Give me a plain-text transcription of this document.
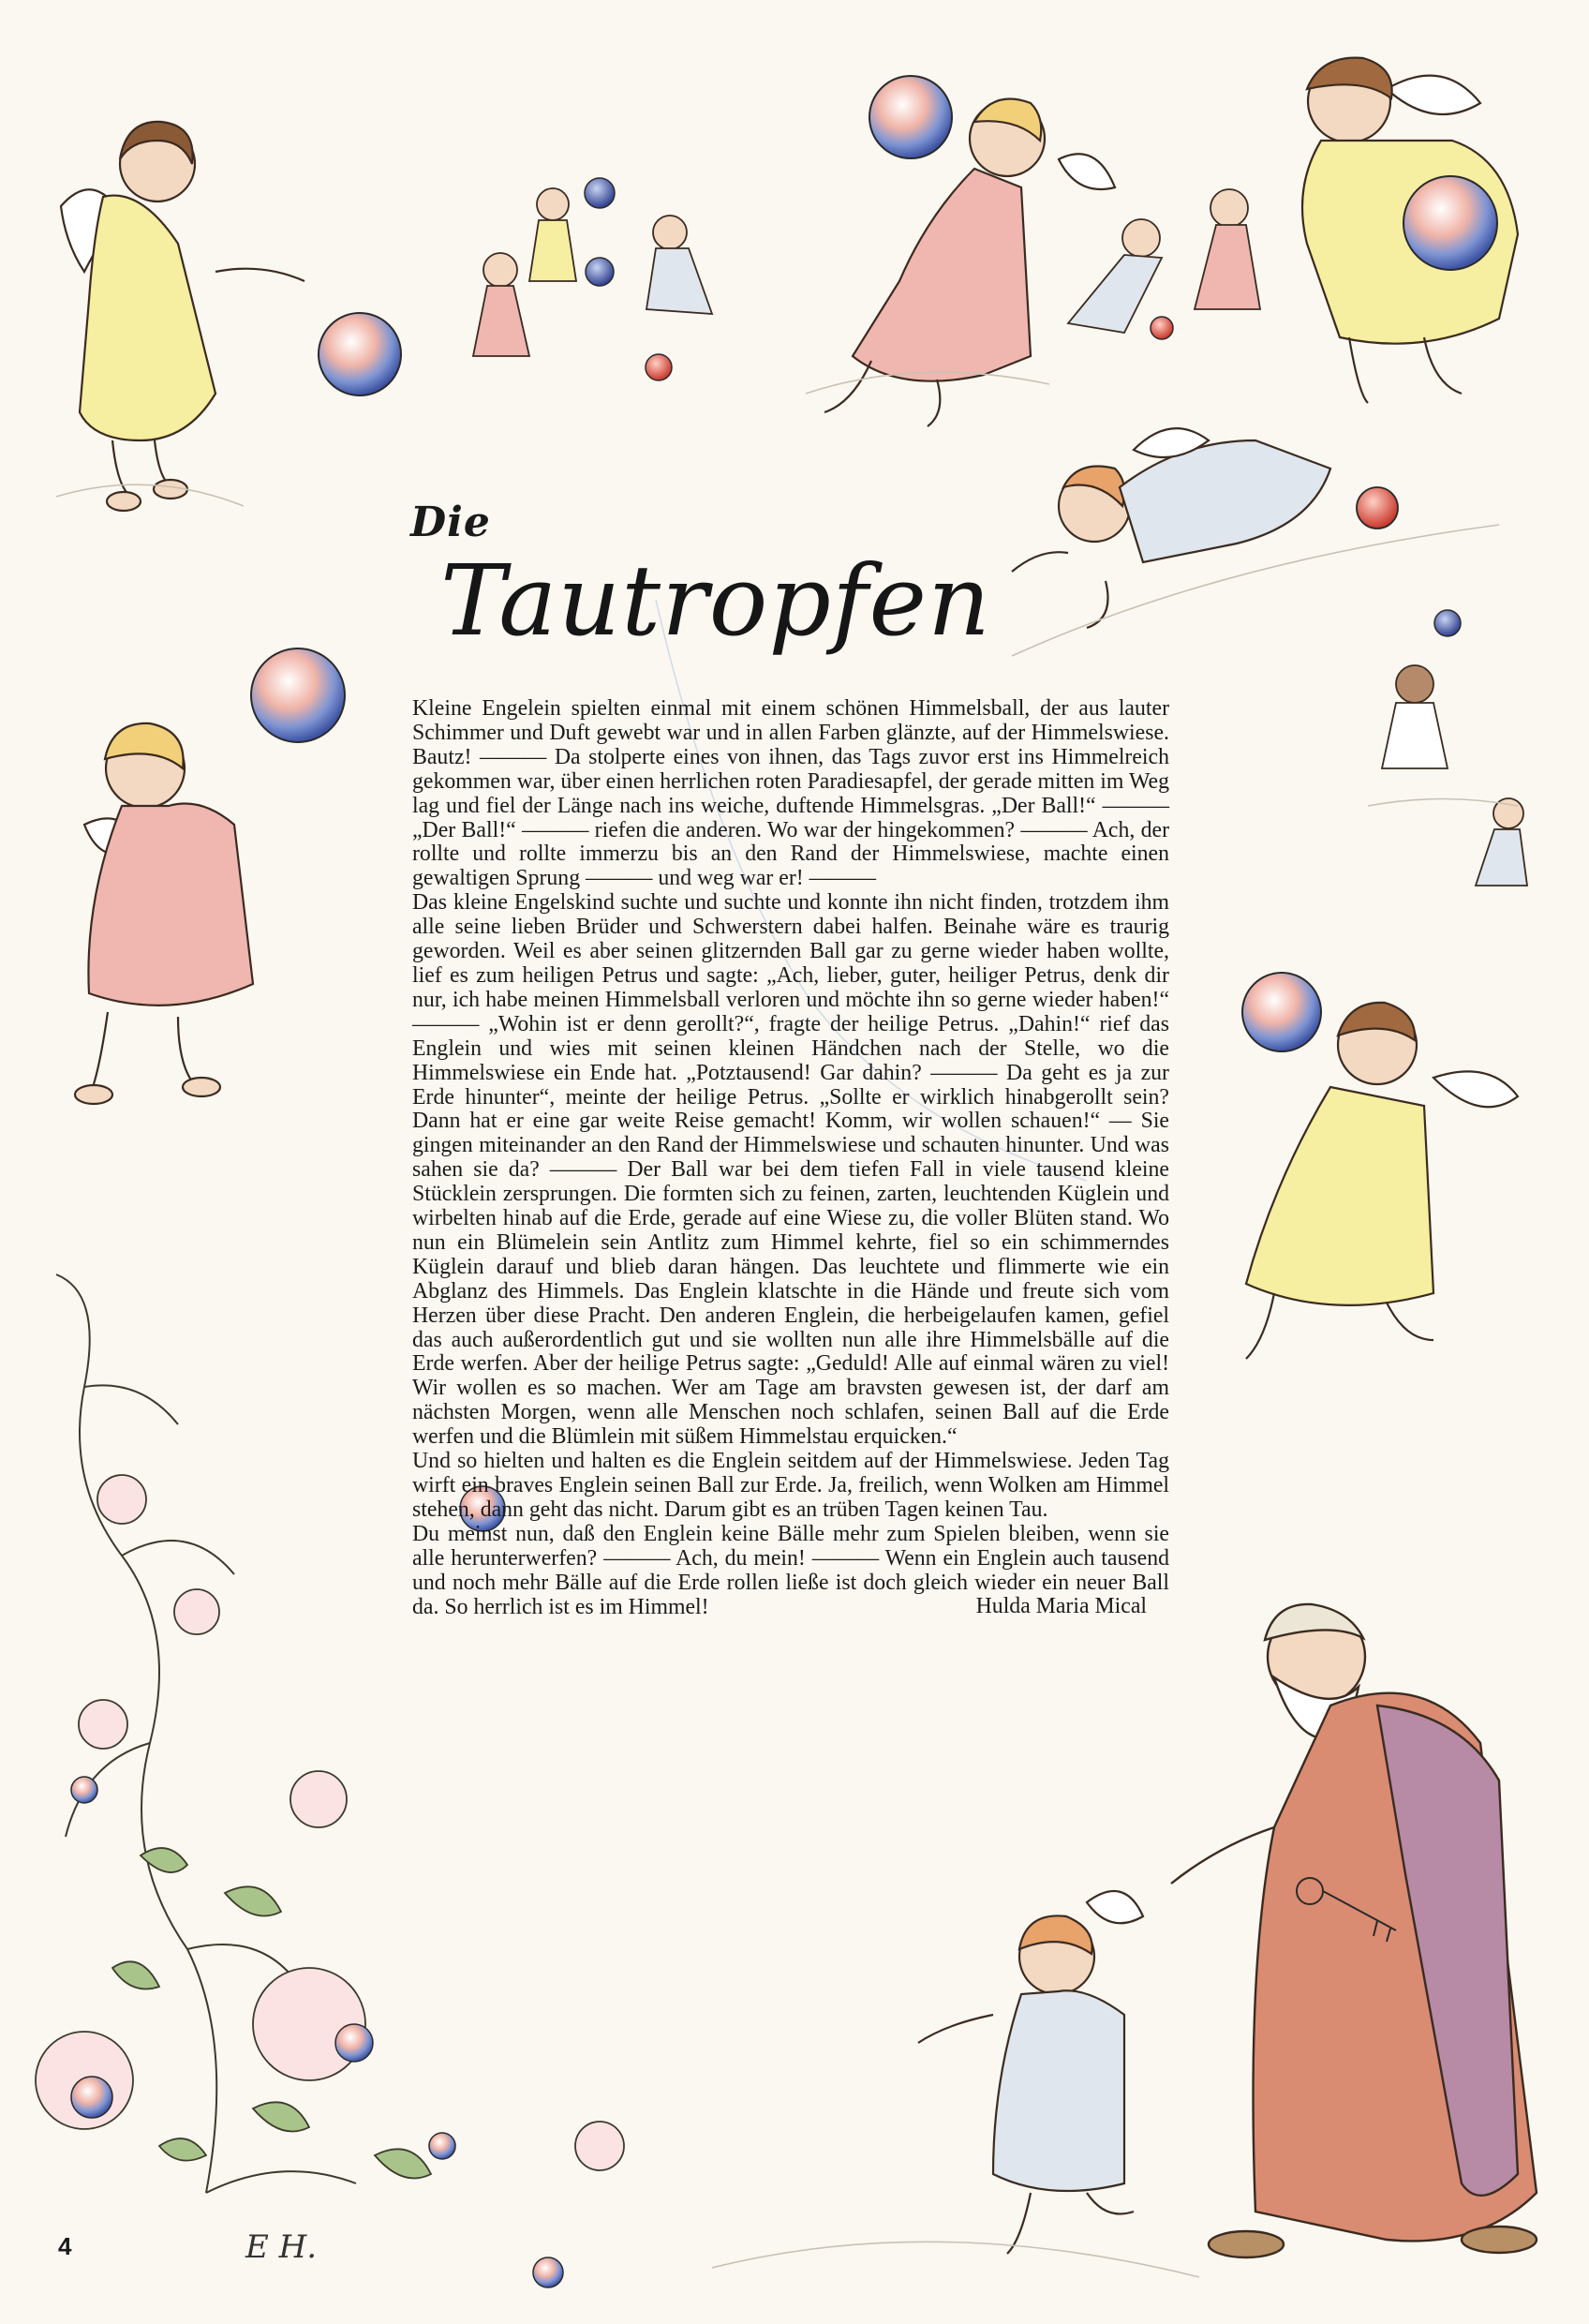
Die
Tautropfen

Kleine Engelein spielten einmal mit einem schönen Himmelsball, der aus lauter Schimmer und Duft gewebt war und in allen Farben glänzte, auf der Himmelswiese. Bautz! ——— Da stolperte eines von ihnen, das Tags zuvor erst ins Himmelreich gekommen war, über einen herrlichen roten Paradiesapfel, der gerade mitten im Weg lag und fiel der Länge nach ins weiche, duftende Himmelsgras. „Der Ball!“ ——— „Der Ball!“ ——— riefen die anderen. Wo war der hingekommen? ——— Ach, der rollte und rollte immerzu bis an den Rand der Himmelswiese, machte einen gewaltigen Sprung ——— und weg war er! ———

Das kleine Engelskind suchte und suchte und konnte ihn nicht finden, trotzdem ihm alle seine lieben Brüder und Schwerstern dabei halfen. Beinahe wäre es traurig geworden. Weil es aber seinen glitzernden Ball gar zu gerne wieder haben wollte, lief es zum heiligen Petrus und sagte: „Ach, lieber, guter, heiliger Petrus, denk dir nur, ich habe meinen Himmelsball verloren und möchte ihn so gerne wieder haben!“ ——— „Wohin ist er denn gerollt?“, fragte der heilige Petrus. „Dahin!“ rief das Englein und wies mit seinen kleinen Händchen nach der Stelle, wo die Himmelswiese ein Ende hat. „Potztausend! Gar dahin? ——— Da geht es ja zur Erde hinunter“, meinte der heilige Petrus. „Sollte er wirklich hinabgerollt sein? Dann hat er eine gar weite Reise gemacht! Komm, wir wollen schauen!“ — Sie gingen miteinander an den Rand der Himmelswiese und schauten hinunter. Und was sahen sie da? ——— Der Ball war bei dem tiefen Fall in viele tausend kleine Stücklein zersprungen. Die formten sich zu feinen, zarten, leuchtenden Küglein und wirbelten hinab auf die Erde, gerade auf eine Wiese zu, die voller Blüten stand. Wo nun ein Blümelein sein Antlitz zum Himmel kehrte, fiel so ein schimmerndes Küglein darauf und blieb daran hängen. Das leuchtete und flimmerte wie ein Abglanz des Himmels. Das Englein klatschte in die Hände und freute sich vom Herzen über diese Pracht. Den anderen Englein, die herbeigelaufen kamen, gefiel das auch außerordentlich gut und sie wollten nun alle ihre Himmelsbälle auf die Erde werfen. Aber der heilige Petrus sagte: „Geduld! Alle auf einmal wären zu viel! Wir wollen es so machen. Wer am Tage am bravsten gewesen ist, der darf am nächsten Morgen, wenn alle Menschen noch schlafen, seinen Ball auf die Erde werfen und die Blümlein mit süßem Himmelstau erquicken.“

Und so hielten und halten es die Englein seitdem auf der Himmelswiese. Jeden Tag wirft ein braves Englein seinen Ball zur Erde. Ja, freilich, wenn Wolken am Himmel stehen, dann geht das nicht. Darum gibt es an trüben Tagen keinen Tau.

Du meinst nun, daß den Englein keine Bälle mehr zum Spielen bleiben, wenn sie alle herunterwerfen? ——— Ach, du mein! ——— Wenn ein Englein auch tausend und noch mehr Bälle auf die Erde rollen ließe ist doch gleich wieder ein neuer Ball da. So herrlich ist es im Himmel!	Hulda Maria Mical
4	E H.
